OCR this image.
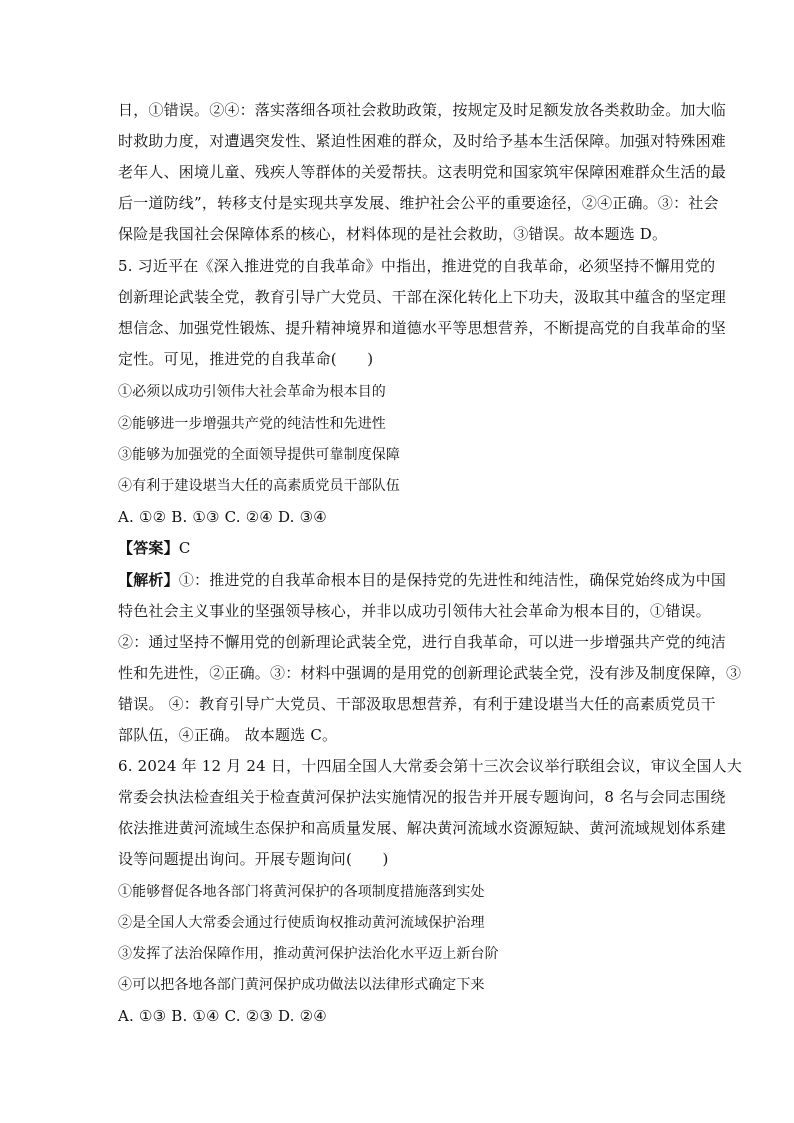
日，①错误。②④：落实落细各项社会救助政策，按规定及时足额发放各类救助金。加大临
时救助力度，对遭遇突发性、紧迫性困难的群众，及时给予基本生活保障。加强对特殊困难
老年人、困境儿童、残疾人等群体的关爱帮扶。这表明党和国家筑牢保障困难群众生活的最
后一道防线”，转移支付是实现共享发展、维护社会公平的重要途径，②④正确。③：社会
保险是我国社会保障体系的核心，材料体现的是社会救助，③错误。故本题选 D。
5. 习近平在《深入推进党的自我革命》中指出，推进党的自我革命，必须坚持不懈用党的
创新理论武装全党，教育引导广大党员、干部在深化转化上下功夫，汲取其中蕴含的坚定理
想信念、加强党性锻炼、提升精神境界和道德水平等思想营养，不断提高党的自我革命的坚
定性。可见，推进党的自我革命(　　)
①必须以成功引领伟大社会革命为根本目的
②能够进一步增强共产党的纯洁性和先进性
③能够为加强党的全面领导提供可靠制度保障
④有利于建设堪当大任的高素质党员干部队伍
A. ①② B. ①③ C. ②④ D. ③④
【答案】C
【解析】①：推进党的自我革命根本目的是保持党的先进性和纯洁性，确保党始终成为中国
特色社会主义事业的坚强领导核心，并非以成功引领伟大社会革命为根本目的，①错误。
②：通过坚持不懈用党的创新理论武装全党，进行自我革命，可以进一步增强共产党的纯洁
性和先进性，②正确。③：材料中强调的是用党的创新理论武装全党，没有涉及制度保障，③
错误。 ④：教育引导广大党员、干部汲取思想营养，有利于建设堪当大任的高素质党员干
部队伍，④正确。 故本题选 C。
6. 2024 年 12 月 24 日，十四届全国人大常委会第十三次会议举行联组会议，审议全国人大
常委会执法检查组关于检查黄河保护法实施情况的报告并开展专题询问，8 名与会同志围绕
依法推进黄河流域生态保护和高质量发展、解决黄河流域水资源短缺、黄河流域规划体系建
设等问题提出询问。开展专题询问(　　)
①能够督促各地各部门将黄河保护的各项制度措施落到实处
②是全国人大常委会通过行使质询权推动黄河流域保护治理
③发挥了法治保障作用，推动黄河保护法治化水平迈上新台阶
④可以把各地各部门黄河保护成功做法以法律形式确定下来
A. ①③ B. ①④ C. ②③ D. ②④
